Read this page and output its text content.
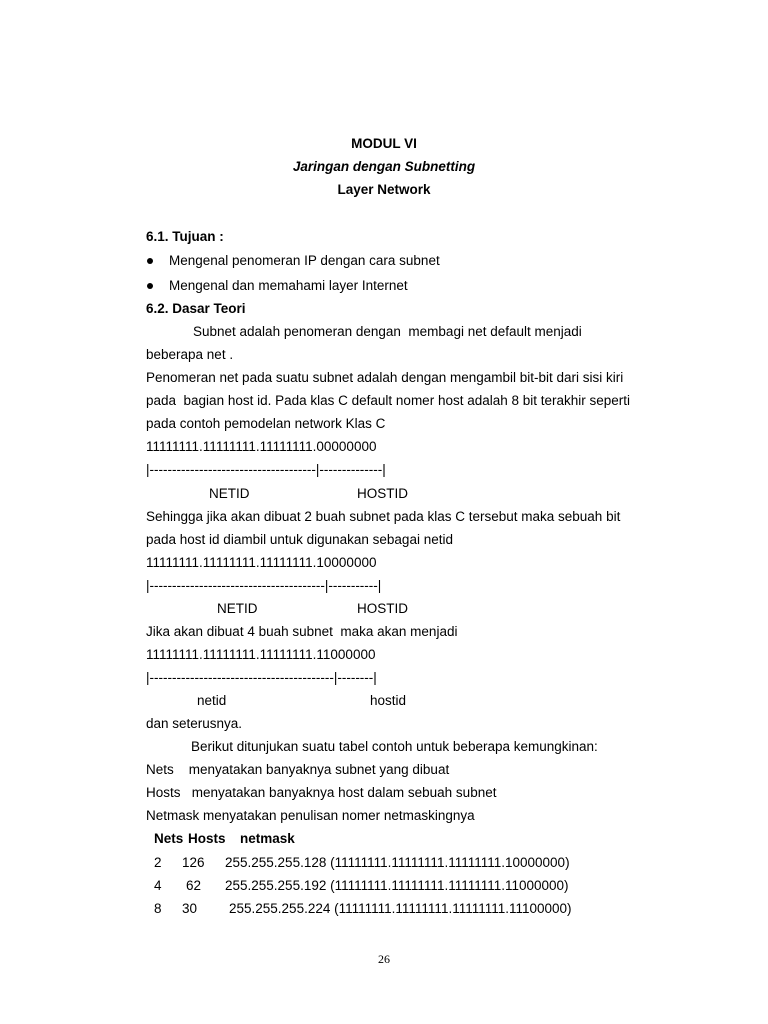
MODUL VI
Jaringan dengan Subnetting
Layer Network
6.1. Tujuan :
Mengenal penomeran IP dengan cara subnet
Mengenal dan memahami layer Internet
6.2. Dasar Teori
Subnet adalah penomeran dengan  membagi net default menjadi
beberapa net .
Penomeran net pada suatu subnet adalah dengan mengambil bit-bit dari sisi kiri
pada  bagian host id. Pada klas C default nomer host adalah 8 bit terakhir seperti
pada contoh pemodelan network Klas C
11111111.11111111.11111111.00000000
|-------------------------------------|--------------|
NETID	HOSTID
Sehingga jika akan dibuat 2 buah subnet pada klas C tersebut maka sebuah bit
pada host id diambil untuk digunakan sebagai netid
11111111.11111111.11111111.10000000
|---------------------------------------|-----------|
NETID	HOSTID
Jika akan dibuat 4 buah subnet  maka akan menjadi
11111111.11111111.11111111.11000000
|-----------------------------------------|--------|
netid	hostid
dan seterusnya.
Berikut ditunjukan suatu tabel contoh untuk beberapa kemungkinan:
Nets    menyatakan banyaknya subnet yang dibuat
Hosts   menyatakan banyaknya host dalam sebuah subnet
Netmask menyatakan penulisan nomer netmaskingnya
Nets Hosts netmask
2 126 255.255.255.128 (11111111.11111111.11111111.10000000)
4 62 255.255.255.192 (11111111.11111111.11111111.11000000)
8 30 255.255.255.224 (11111111.11111111.11111111.11100000)
26
